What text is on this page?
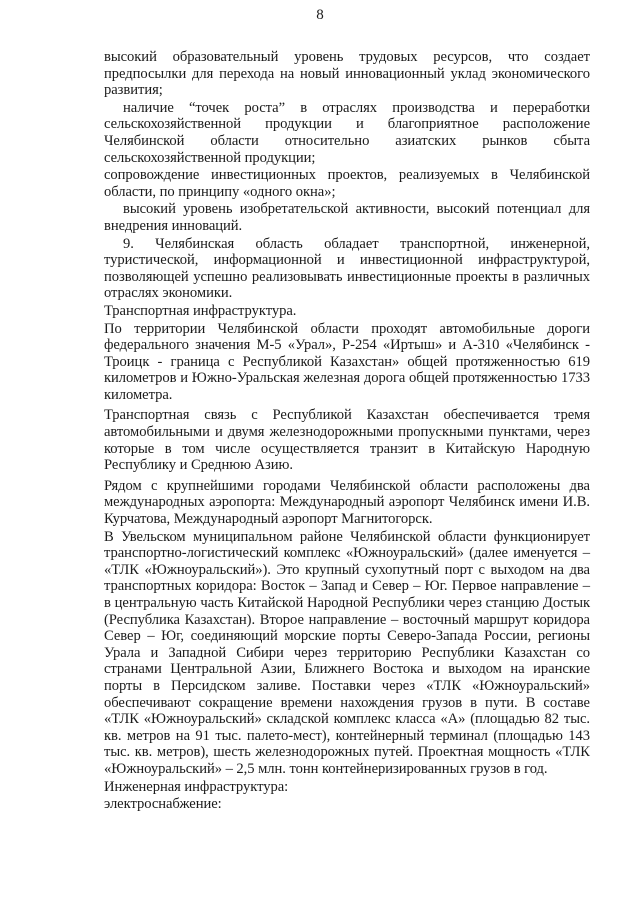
8

высокий образовательный уровень трудовых ресурсов, что создает предпосылки для перехода на новый инновационный уклад экономического развития;

наличие “точек роста” в отраслях производства и переработки сельскохозяйственной продукции и благоприятное расположение Челябинской области относительно азиатских рынков сбыта сельскохозяйственной продукции;

сопровождение инвестиционных проектов, реализуемых в Челябинской области, по принципу «одного окна»;

высокий уровень изобретательской активности, высокий потенциал для внедрения инноваций.

9. Челябинская область обладает транспортной, инженерной, туристической, информационной и инвестиционной инфраструктурой, позволяющей успешно реализовывать инвестиционные проекты в различных отраслях экономики.

Транспортная инфраструктура.

По территории Челябинской области проходят автомобильные дороги федерального значения М-5 «Урал», Р-254 «Иртыш» и А-310 «Челябинск - Троицк - граница с Республикой Казахстан» общей протяженностью 619 километров и Южно-Уральская железная дорога общей протяженностью 1733 километра.

Транспортная связь с Республикой Казахстан обеспечивается тремя автомобильными и двумя железнодорожными пропускными пунктами, через которые в том числе осуществляется транзит в Китайскую Народную Республику и Среднюю Азию.

Рядом с крупнейшими городами Челябинской области расположены два международных аэропорта: Международный аэропорт Челябинск имени И.В. Курчатова, Международный аэропорт Магнитогорск.

В Увельском муниципальном районе Челябинской области функционирует транспортно-логистический комплекс «Южноуральский» (далее именуется – «ТЛК «Южноуральский»). Это крупный сухопутный порт с выходом на два транспортных коридора: Восток – Запад и Север – Юг. Первое направление – в центральную часть Китайской Народной Республики через станцию Достык (Республика Казахстан). Второе направление – восточный маршрут коридора Север – Юг, соединяющий морские порты Северо-Запада России, регионы Урала и Западной Сибири через территорию Республики Казахстан со странами Центральной Азии, Ближнего Востока и выходом на иранские порты в Персидском заливе. Поставки через «ТЛК «Южноуральский» обеспечивают сокращение времени нахождения грузов в пути. В составе «ТЛК «Южноуральский» складской комплекс класса «А» (площадью 82 тыс. кв. метров на 91 тыс. палето-мест), контейнерный терминал (площадью 143 тыс. кв. метров), шесть железнодорожных путей. Проектная мощность «ТЛК «Южноуральский» – 2,5 млн. тонн контейнеризированных грузов в год.

Инженерная инфраструктура:

электроснабжение:
